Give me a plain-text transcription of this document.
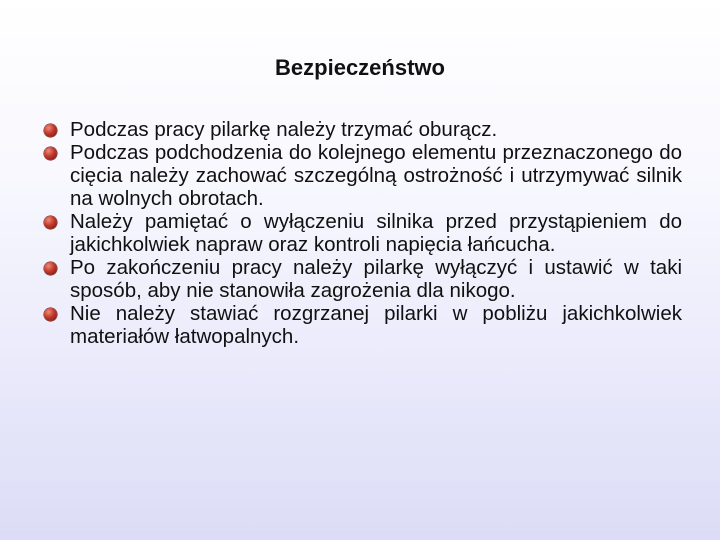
Bezpieczeństwo
Podczas pracy pilarkę należy trzymać oburącz.
Podczas podchodzenia do kolejnego elementu przeznaczonego do cięcia należy zachować szczególną ostrożność i utrzymywać silnik na wolnych obrotach.
Należy pamiętać o wyłączeniu silnika przed przystąpieniem do jakichkolwiek napraw oraz kontroli napięcia łańcucha.
Po zakończeniu pracy należy pilarkę wyłączyć i ustawić w taki sposób, aby nie stanowiła zagrożenia dla nikogo.
Nie należy stawiać rozgrzanej pilarki w pobliżu jakichkolwiek materiałów łatwopalnych.
